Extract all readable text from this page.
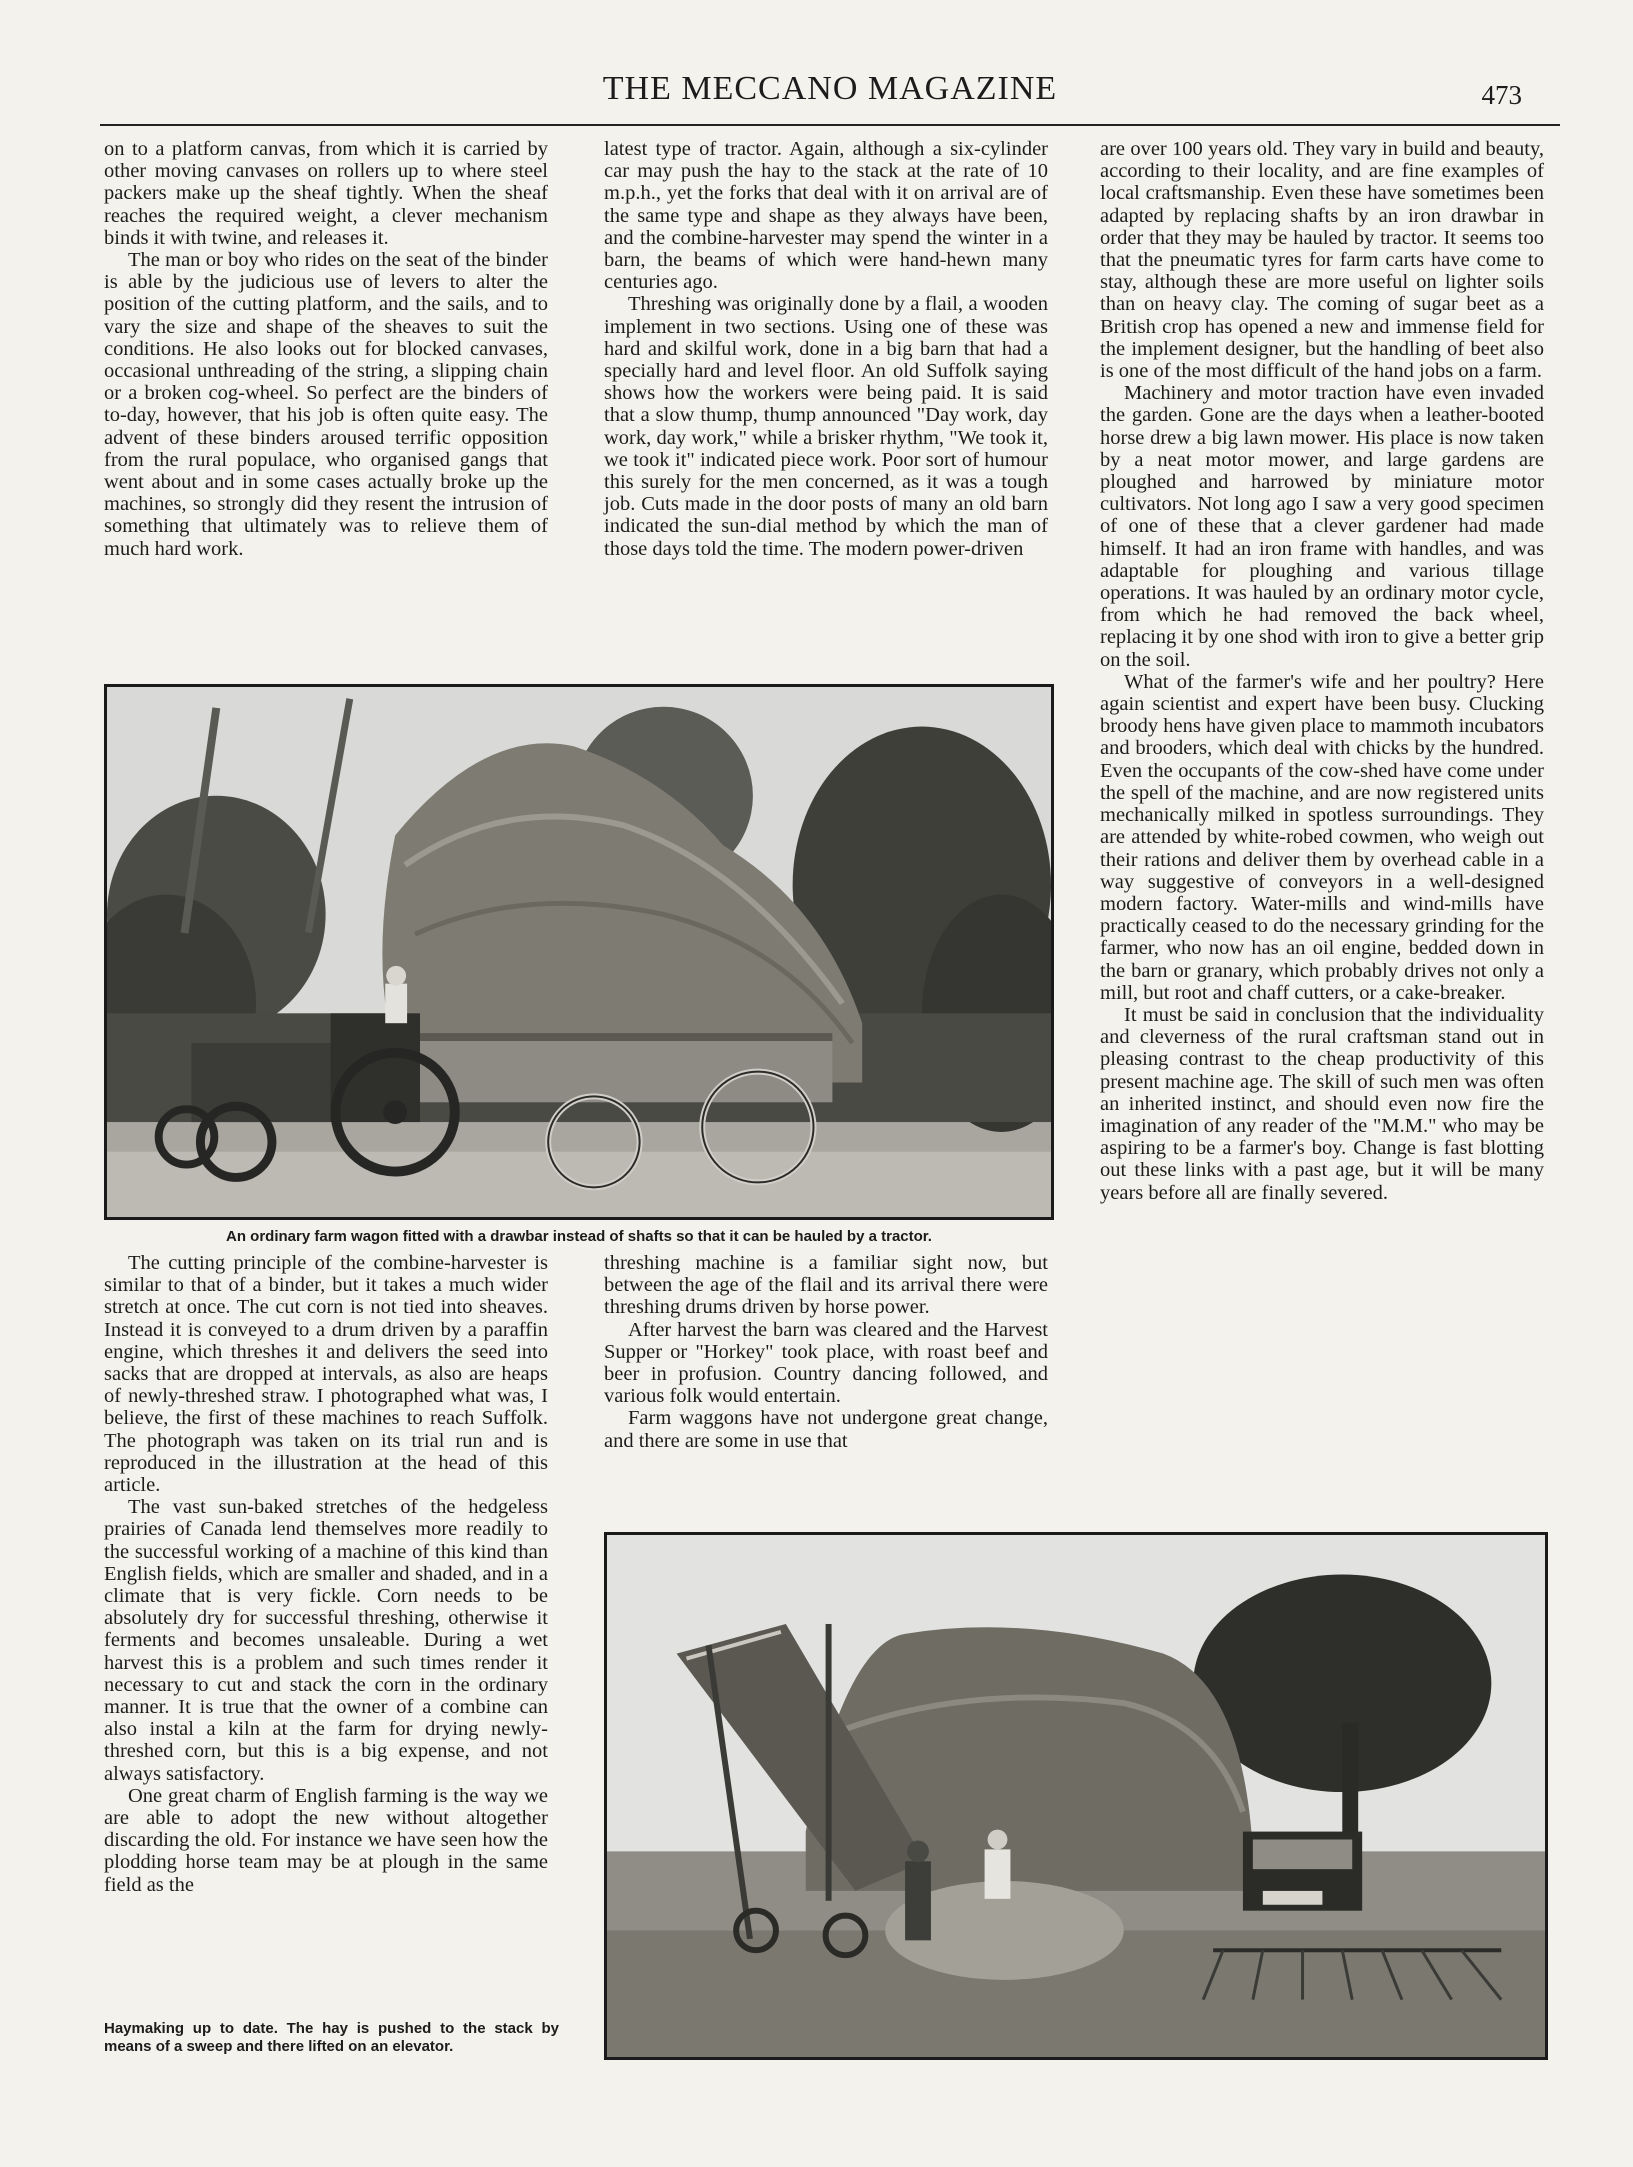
THE MECCANO MAGAZINE	473

on to a platform canvas, from which it is carried by other moving canvases on rollers up to where steel packers make up the sheaf tightly. When the sheaf reaches the required weight, a clever mechanism binds it with twine, and releases it.

The man or boy who rides on the seat of the binder is able by the judicious use of levers to alter the position of the cutting platform, and the sails, and to vary the size and shape of the sheaves to suit the conditions. He also looks out for blocked canvases, occasional unthreading of the string, a slipping chain or a broken cog-wheel. So perfect are the binders of to-day, however, that his job is often quite easy. The advent of these binders aroused terrific opposition from the rural populace, who organised gangs that went about and in some cases actually broke up the machines, so strongly did they resent the intrusion of something that ultimately was to relieve them of much hard work.

latest type of tractor. Again, although a six-cylinder car may push the hay to the stack at the rate of 10 m.p.h., yet the forks that deal with it on arrival are of the same type and shape as they always have been, and the combine-harvester may spend the winter in a barn, the beams of which were hand-hewn many centuries ago.

Threshing was originally done by a flail, a wooden implement in two sections. Using one of these was hard and skilful work, done in a big barn that had a specially hard and level floor. An old Suffolk saying shows how the workers were being paid. It is said that a slow thump, thump announced "Day work, day work, day work," while a brisker rhythm, "We took it, we took it" indicated piece work. Poor sort of humour this surely for the men concerned, as it was a tough job. Cuts made in the door posts of many an old barn indicated the sun-dial method by which the man of those days told the time. The modern power-driven

are over 100 years old. They vary in build and beauty, according to their locality, and are fine examples of local craftsmanship. Even these have sometimes been adapted by replacing shafts by an iron drawbar in order that they may be hauled by tractor. It seems too that the pneumatic tyres for farm carts have come to stay, although these are more useful on lighter soils than on heavy clay. The coming of sugar beet as a British crop has opened a new and immense field for the implement designer, but the handling of beet also is one of the most difficult of the hand jobs on a farm.

Machinery and motor traction have even invaded the garden. Gone are the days when a leather-booted horse drew a big lawn mower. His place is now taken by a neat motor mower, and large gardens are ploughed and harrowed by miniature motor cultivators. Not long ago I saw a very good specimen of one of these that a clever gardener had made himself. It had an iron frame with handles, and was adaptable for ploughing and various tillage operations. It was hauled by an ordinary motor cycle, from which he had removed the back wheel, replacing it by one shod with iron to give a better grip on the soil.

What of the farmer's wife and her poultry? Here again scientist and expert have been busy. Clucking broody hens have given place to mammoth incubators and brooders, which deal with chicks by the hundred. Even the occupants of the cow-shed have come under the spell of the machine, and are now registered units mechanically milked in spotless surroundings. They are attended by white-robed cowmen, who weigh out their rations and deliver them by overhead cable in a way suggestive of conveyors in a well-designed modern factory. Water-mills and wind-mills have practically ceased to do the necessary grinding for the farmer, who now has an oil engine, bedded down in the barn or granary, which probably drives not only a mill, but root and chaff cutters, or a cake-breaker.

It must be said in conclusion that the individuality and cleverness of the rural craftsman stand out in pleasing contrast to the cheap productivity of this present machine age. The skill of such men was often an inherited instinct, and should even now fire the imagination of any reader of the "M.M." who may be aspiring to be a farmer's boy. Change is fast blotting out these links with a past age, but it will be many years before all are finally severed.

An ordinary farm wagon fitted with a drawbar instead of shafts so that it can be hauled by a tractor.

The cutting principle of the combine-harvester is similar to that of a binder, but it takes a much wider stretch at once. The cut corn is not tied into sheaves. Instead it is conveyed to a drum driven by a paraffin engine, which threshes it and delivers the seed into sacks that are dropped at intervals, as also are heaps of newly-threshed straw. I photographed what was, I believe, the first of these machines to reach Suffolk. The photograph was taken on its trial run and is reproduced in the illustration at the head of this article.

The vast sun-baked stretches of the hedgeless prairies of Canada lend themselves more readily to the successful working of a machine of this kind than English fields, which are smaller and shaded, and in a climate that is very fickle. Corn needs to be absolutely dry for successful threshing, otherwise it ferments and becomes unsaleable. During a wet harvest this is a problem and such times render it necessary to cut and stack the corn in the ordinary manner. It is true that the owner of a combine can also instal a kiln at the farm for drying newly-threshed corn, but this is a big expense, and not always satisfactory.

One great charm of English farming is the way we are able to adopt the new without altogether discarding the old. For instance we have seen how the plodding horse team may be at plough in the same field as the

threshing machine is a familiar sight now, but between the age of the flail and its arrival there were threshing drums driven by horse power.

After harvest the barn was cleared and the Harvest Supper or "Horkey" took place, with roast beef and beer in profusion. Country dancing followed, and various folk would entertain.

Farm waggons have not undergone great change, and there are some in use that

Haymaking up to date. The hay is pushed to the stack by means of a sweep and there lifted on an elevator.
